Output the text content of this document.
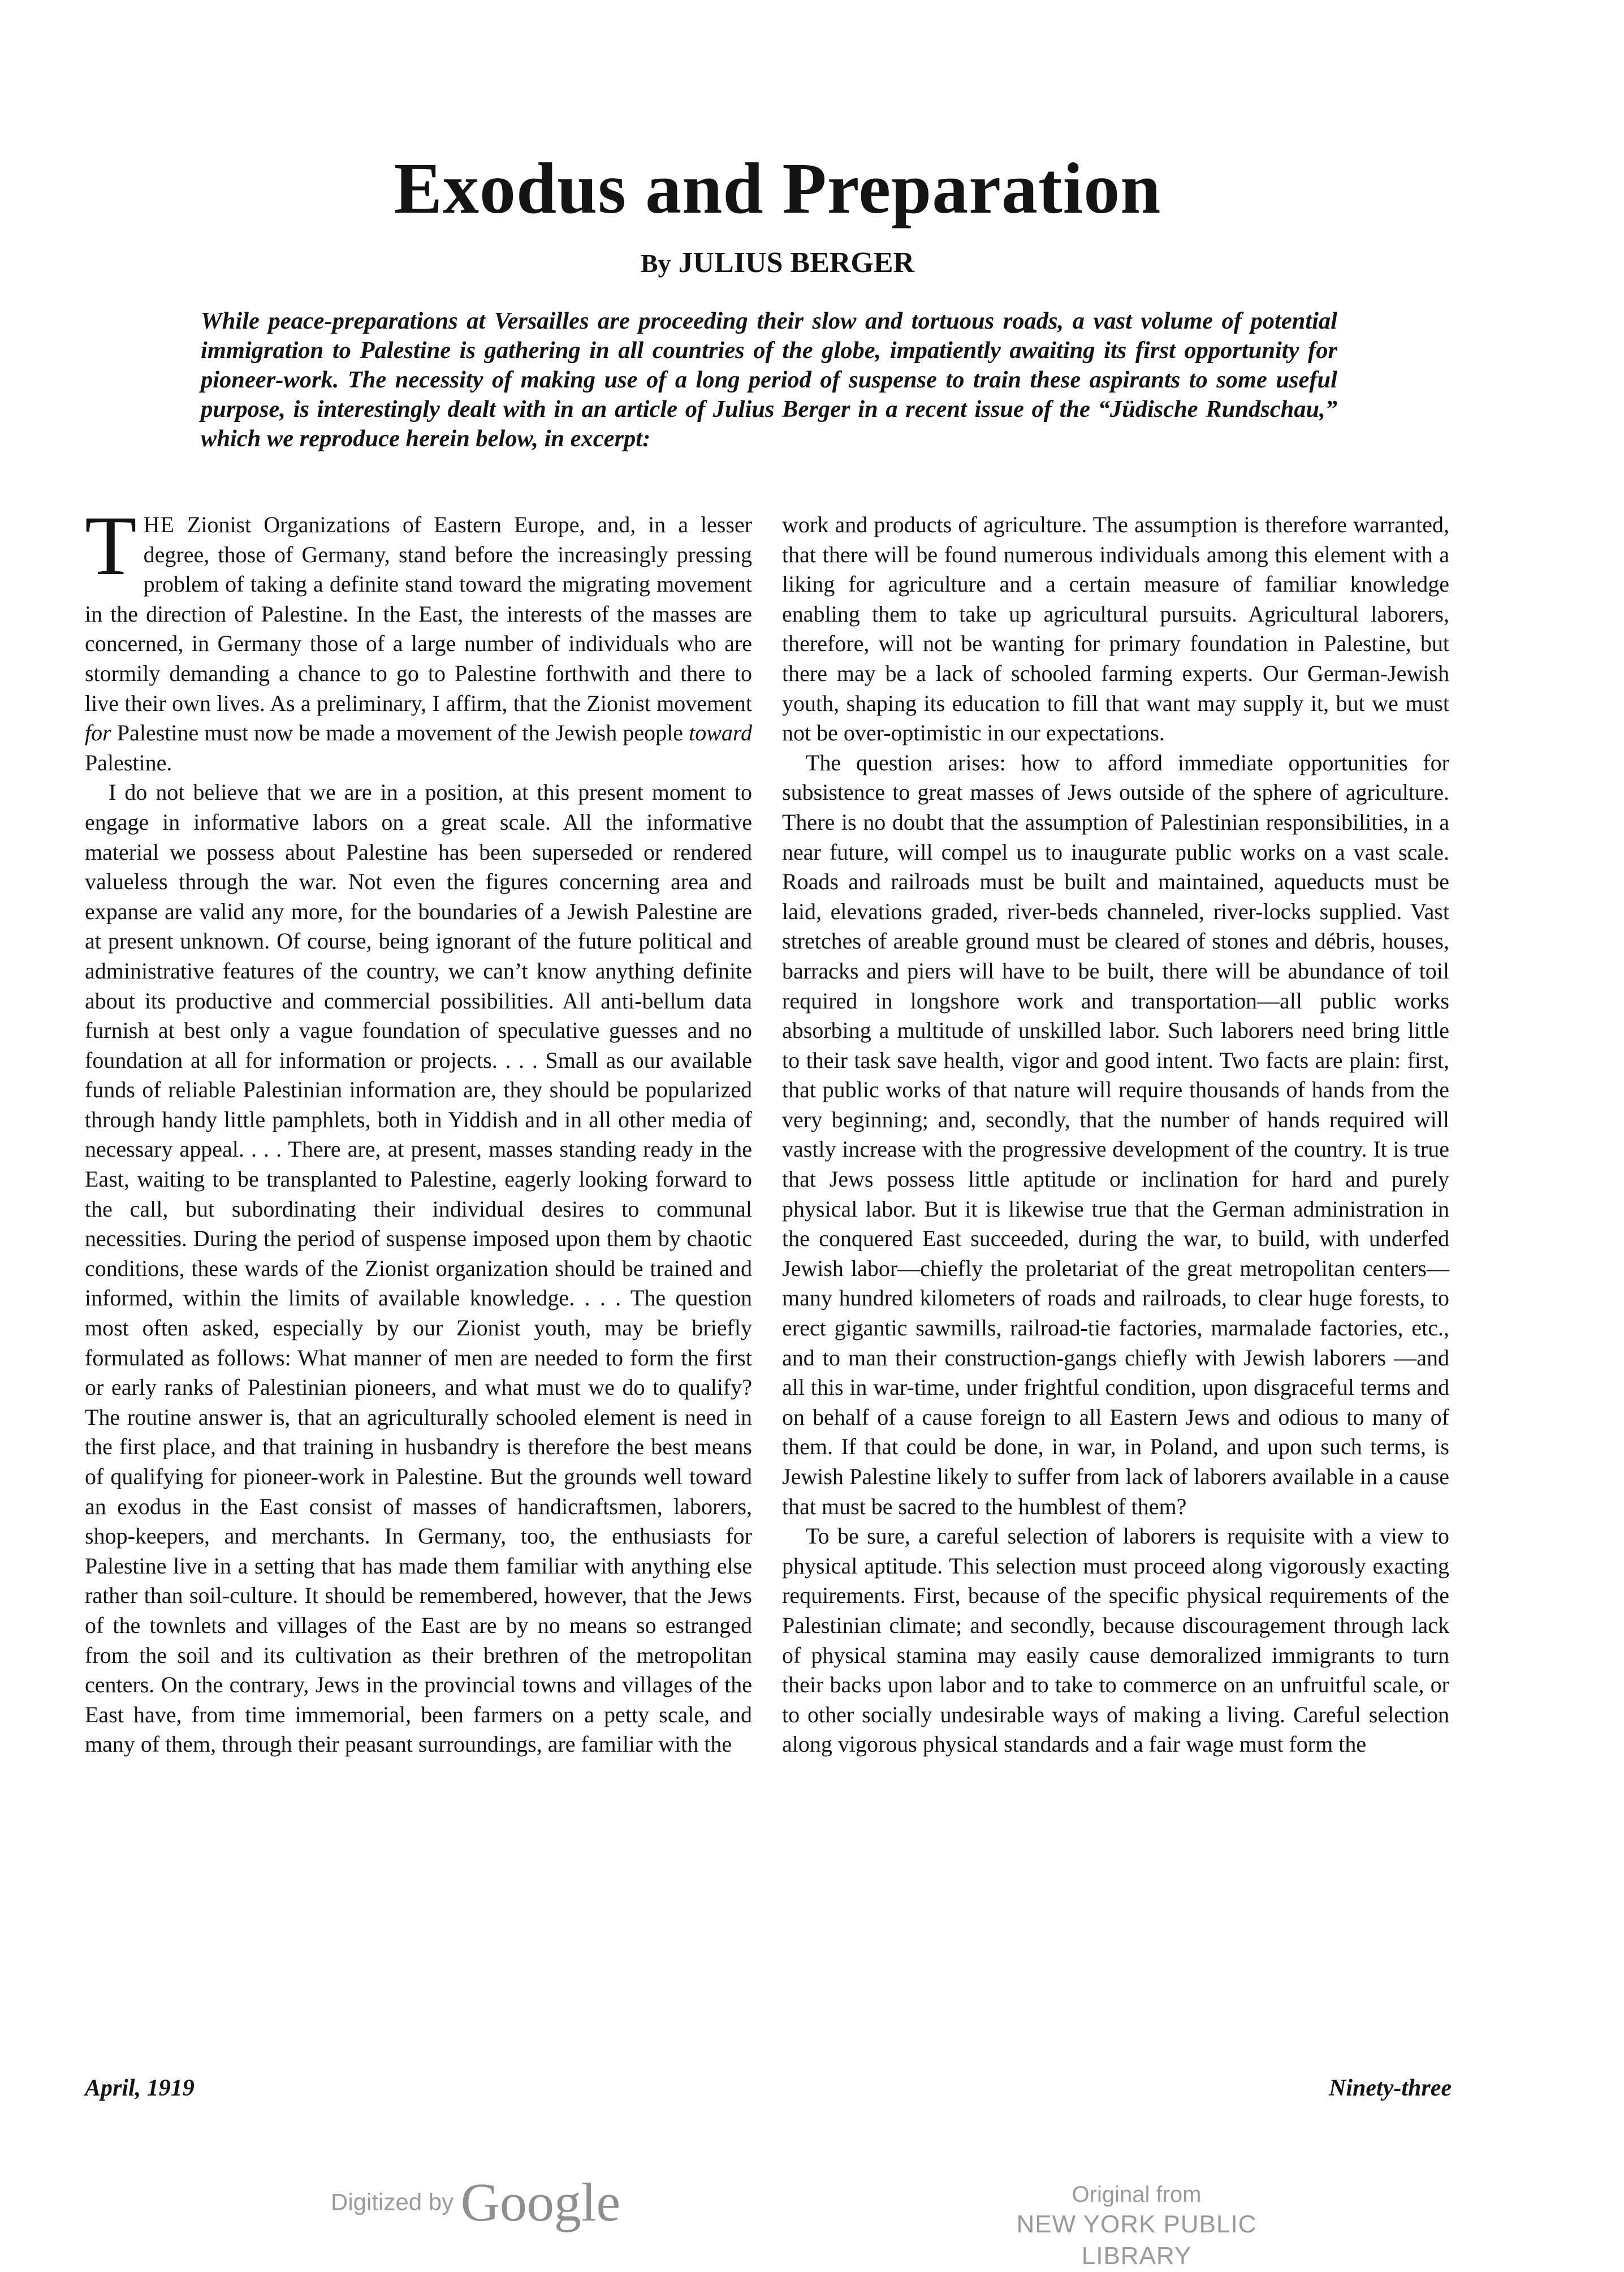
Exodus and Preparation
By JULIUS BERGER

While peace-preparations at Versailles are proceeding their slow and tortuous roads, a vast volume of potential immigration to Palestine is gathering in all countries of the globe, impatiently awaiting its first opportunity for pioneer-work. The necessity of making use of a long period of suspense to train these aspirants to some useful purpose, is interestingly dealt with in an article of Julius Berger in a recent issue of the “Jüdische Rundschau,” which we reproduce herein below, in excerpt:

THE Zionist Organizations of Eastern Europe, and, in a lesser degree, those of Germany, stand before the increasingly pressing problem of taking a definite stand toward the migrating movement in the direction of Palestine. In the East, the interests of the masses are concerned, in Germany those of a large number of individuals who are stormily demanding a chance to go to Palestine forthwith and there to live their own lives. As a preliminary, I affirm, that the Zionist movement for Palestine must now be made a movement of the Jewish people toward Palestine.

I do not believe that we are in a position, at this present moment to engage in informative labors on a great scale. All the informative material we possess about Palestine has been superseded or rendered valueless through the war. Not even the figures concerning area and expanse are valid any more, for the boundaries of a Jewish Palestine are at present unknown. Of course, being ignorant of the future political and administrative features of the country, we can’t know anything definite about its productive and commercial possibilities. All anti-bellum data furnish at best only a vague foundation of speculative guesses and no foundation at all for information or projects. . . . Small as our available funds of reliable Palestinian information are, they should be popularized through handy little pamphlets, both in Yiddish and in all other media of necessary appeal. . . . There are, at present, masses standing ready in the East, waiting to be transplanted to Palestine, eagerly looking forward to the call, but subordinating their individual desires to communal necessities. During the period of suspense imposed upon them by chaotic conditions, these wards of the Zionist organization should be trained and informed, within the limits of available knowledge. . . . The question most often asked, especially by our Zionist youth, may be briefly formulated as follows: What manner of men are needed to form the first or early ranks of Palestinian pioneers, and what must we do to qualify? The routine answer is, that an agriculturally schooled element is need in the first place, and that training in husbandry is therefore the best means of qualifying for pioneer-work in Palestine. But the grounds well toward an exodus in the East consist of masses of handicraftsmen, laborers, shop-keepers, and merchants. In Germany, too, the enthusiasts for Palestine live in a setting that has made them familiar with anything else rather than soil-culture. It should be remembered, however, that the Jews of the townlets and villages of the East are by no means so estranged from the soil and its cultivation as their brethren of the metropolitan centers. On the contrary, Jews in the provincial towns and villages of the East have, from time immemorial, been farmers on a petty scale, and many of them, through their peasant surroundings, are familiar with the

work and products of agriculture. The assumption is therefore warranted, that there will be found numerous individuals among this element with a liking for agriculture and a certain measure of familiar knowledge enabling them to take up agricultural pursuits. Agricultural laborers, therefore, will not be wanting for primary foundation in Palestine, but there may be a lack of schooled farming experts. Our German-Jewish youth, shaping its education to fill that want may supply it, but we must not be over-optimistic in our expectations.

The question arises: how to afford immediate opportunities for subsistence to great masses of Jews outside of the sphere of agriculture. There is no doubt that the assumption of Palestinian responsibilities, in a near future, will compel us to inaugurate public works on a vast scale. Roads and railroads must be built and maintained, aqueducts must be laid, elevations graded, river-beds channeled, river-locks supplied. Vast stretches of areable ground must be cleared of stones and débris, houses, barracks and piers will have to be built, there will be abundance of toil required in longshore work and transportation—all public works absorbing a multitude of unskilled labor. Such laborers need bring little to their task save health, vigor and good intent. Two facts are plain: first, that public works of that nature will require thousands of hands from the very beginning; and, secondly, that the number of hands required will vastly increase with the progressive development of the country. It is true that Jews possess little aptitude or inclination for hard and purely physical labor. But it is likewise true that the German administration in the conquered East succeeded, during the war, to build, with underfed Jewish labor—chiefly the proletariat of the great metropolitan centers—many hundred kilometers of roads and railroads, to clear huge forests, to erect gigantic sawmills, railroad-tie factories, marmalade factories, etc., and to man their construction-gangs chiefly with Jewish laborers —and all this in war-time, under frightful condition, upon disgraceful terms and on behalf of a cause foreign to all Eastern Jews and odious to many of them. If that could be done, in war, in Poland, and upon such terms, is Jewish Palestine likely to suffer from lack of laborers available in a cause that must be sacred to the humblest of them?

To be sure, a careful selection of laborers is requisite with a view to physical aptitude. This selection must proceed along vigorously exacting requirements. First, because of the specific physical requirements of the Palestinian climate; and secondly, because discouragement through lack of physical stamina may easily cause demoralized immigrants to turn their backs upon labor and to take to commerce on an unfruitful scale, or to other socially undesirable ways of making a living. Careful selection along vigorous physical standards and a fair wage must form the

April, 1919	Ninety-three
Digitized by Google	Original from
NEW YORK PUBLIC LIBRARY
